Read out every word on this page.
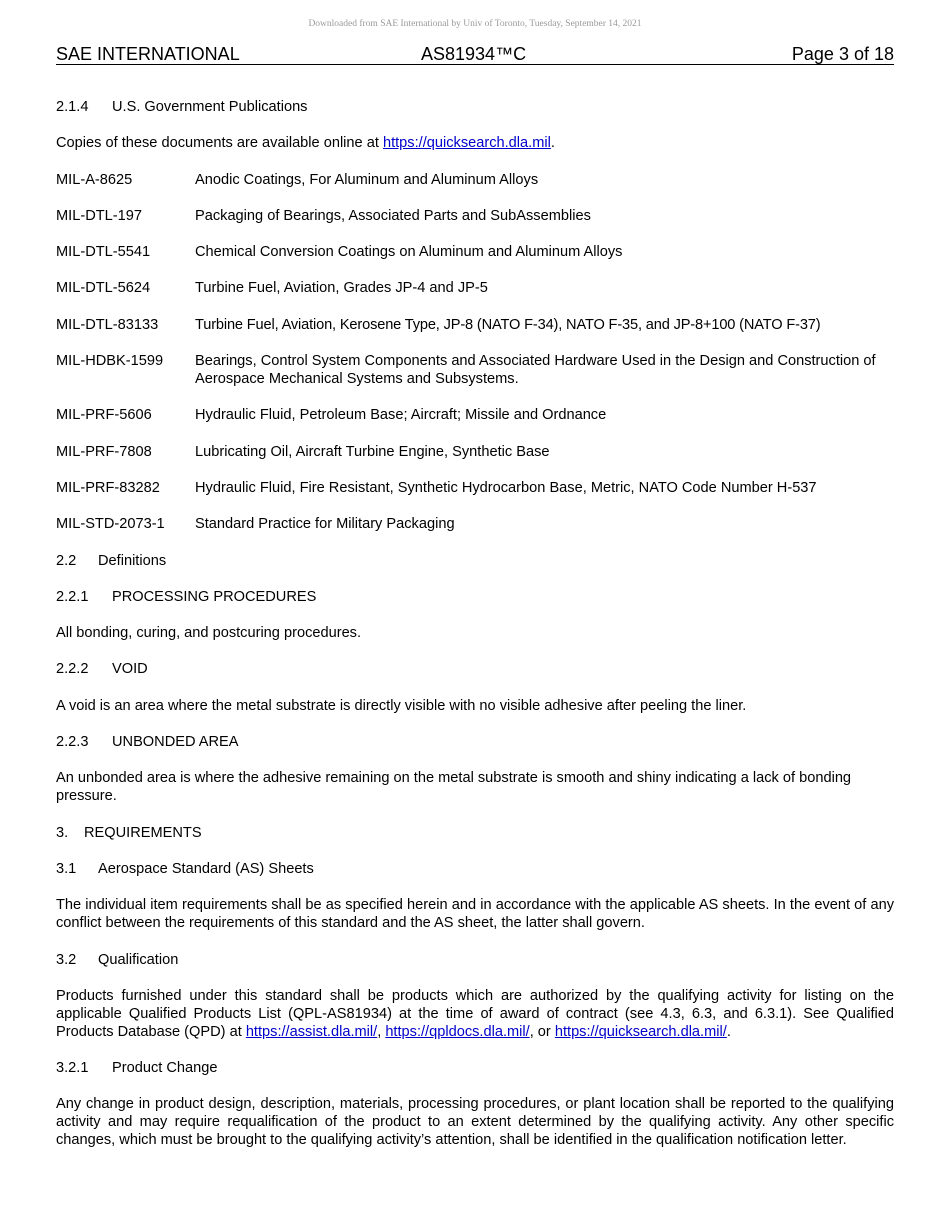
Downloaded from SAE International by Univ of Toronto, Tuesday, September 14, 2021
SAE INTERNATIONAL	AS81934™C	Page 3 of 18

2.1.4 U.S. Government Publications

Copies of these documents are available online at https://quicksearch.dla.mil.

MIL-A-8625	Anodic Coatings, For Aluminum and Aluminum Alloys
MIL-DTL-197	Packaging of Bearings, Associated Parts and SubAssemblies
MIL-DTL-5541	Chemical Conversion Coatings on Aluminum and Aluminum Alloys
MIL-DTL-5624	Turbine Fuel, Aviation, Grades JP-4 and JP-5
MIL-DTL-83133	Turbine Fuel, Aviation, Kerosene Type, JP-8 (NATO F-34), NATO F-35, and JP-8+100 (NATO F-37)
MIL-HDBK-1599	Bearings, Control System Components and Associated Hardware Used in the Design and Construction of Aerospace Mechanical Systems and Subsystems.
MIL-PRF-5606	Hydraulic Fluid, Petroleum Base; Aircraft; Missile and Ordnance
MIL-PRF-7808	Lubricating Oil, Aircraft Turbine Engine, Synthetic Base
MIL-PRF-83282	Hydraulic Fluid, Fire Resistant, Synthetic Hydrocarbon Base, Metric, NATO Code Number H-537
MIL-STD-2073-1	Standard Practice for Military Packaging

2.2 Definitions

2.2.1 PROCESSING PROCEDURES

All bonding, curing, and postcuring procedures.

2.2.2 VOID

A void is an area where the metal substrate is directly visible with no visible adhesive after peeling the liner.

2.2.3 UNBONDED AREA

An unbonded area is where the adhesive remaining on the metal substrate is smooth and shiny indicating a lack of bonding pressure.

3. REQUIREMENTS

3.1 Aerospace Standard (AS) Sheets

The individual item requirements shall be as specified herein and in accordance with the applicable AS sheets. In the event of any conflict between the requirements of this standard and the AS sheet, the latter shall govern.

3.2 Qualification

Products furnished under this standard shall be products which are authorized by the qualifying activity for listing on the applicable Qualified Products List (QPL-AS81934) at the time of award of contract (see 4.3, 6.3, and 6.3.1). See Qualified Products Database (QPD) at https://assist.dla.mil/, https://qpldocs.dla.mil/, or https://quicksearch.dla.mil/.

3.2.1 Product Change

Any change in product design, description, materials, processing procedures, or plant location shall be reported to the qualifying activity and may require requalification of the product to an extent determined by the qualifying activity. Any other specific changes, which must be brought to the qualifying activity’s attention, shall be identified in the qualification notification letter.
